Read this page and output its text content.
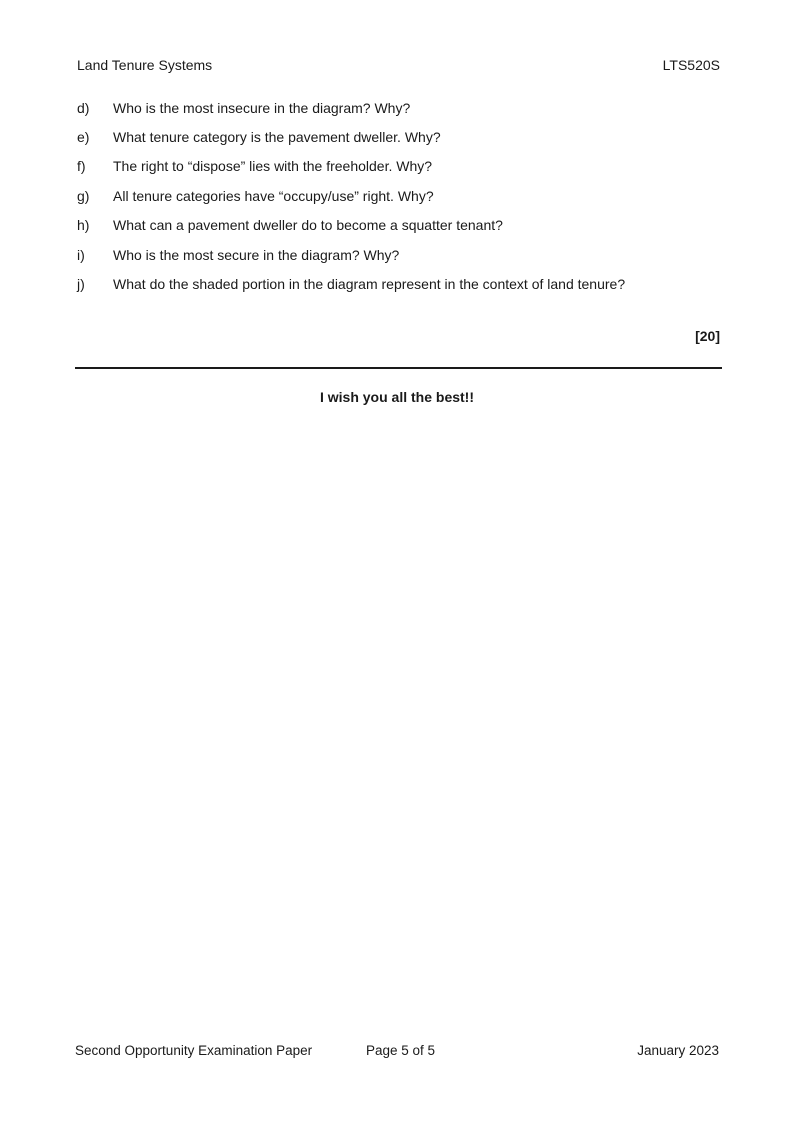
Land Tenure Systems	LTS520S
d)	Who is the most insecure in the diagram? Why?
e)	What tenure category is the pavement dweller. Why?
f)	The right to “dispose” lies with the freeholder. Why?
g)	All tenure categories have “occupy/use” right. Why?
h)	What can a pavement dweller do to become a squatter tenant?
i)	Who is the most secure in the diagram? Why?
j)	What do the shaded portion in the diagram represent in the context of land tenure?
[20]
I wish you all the best!!
Second Opportunity Examination Paper	Page 5 of 5	January 2023
